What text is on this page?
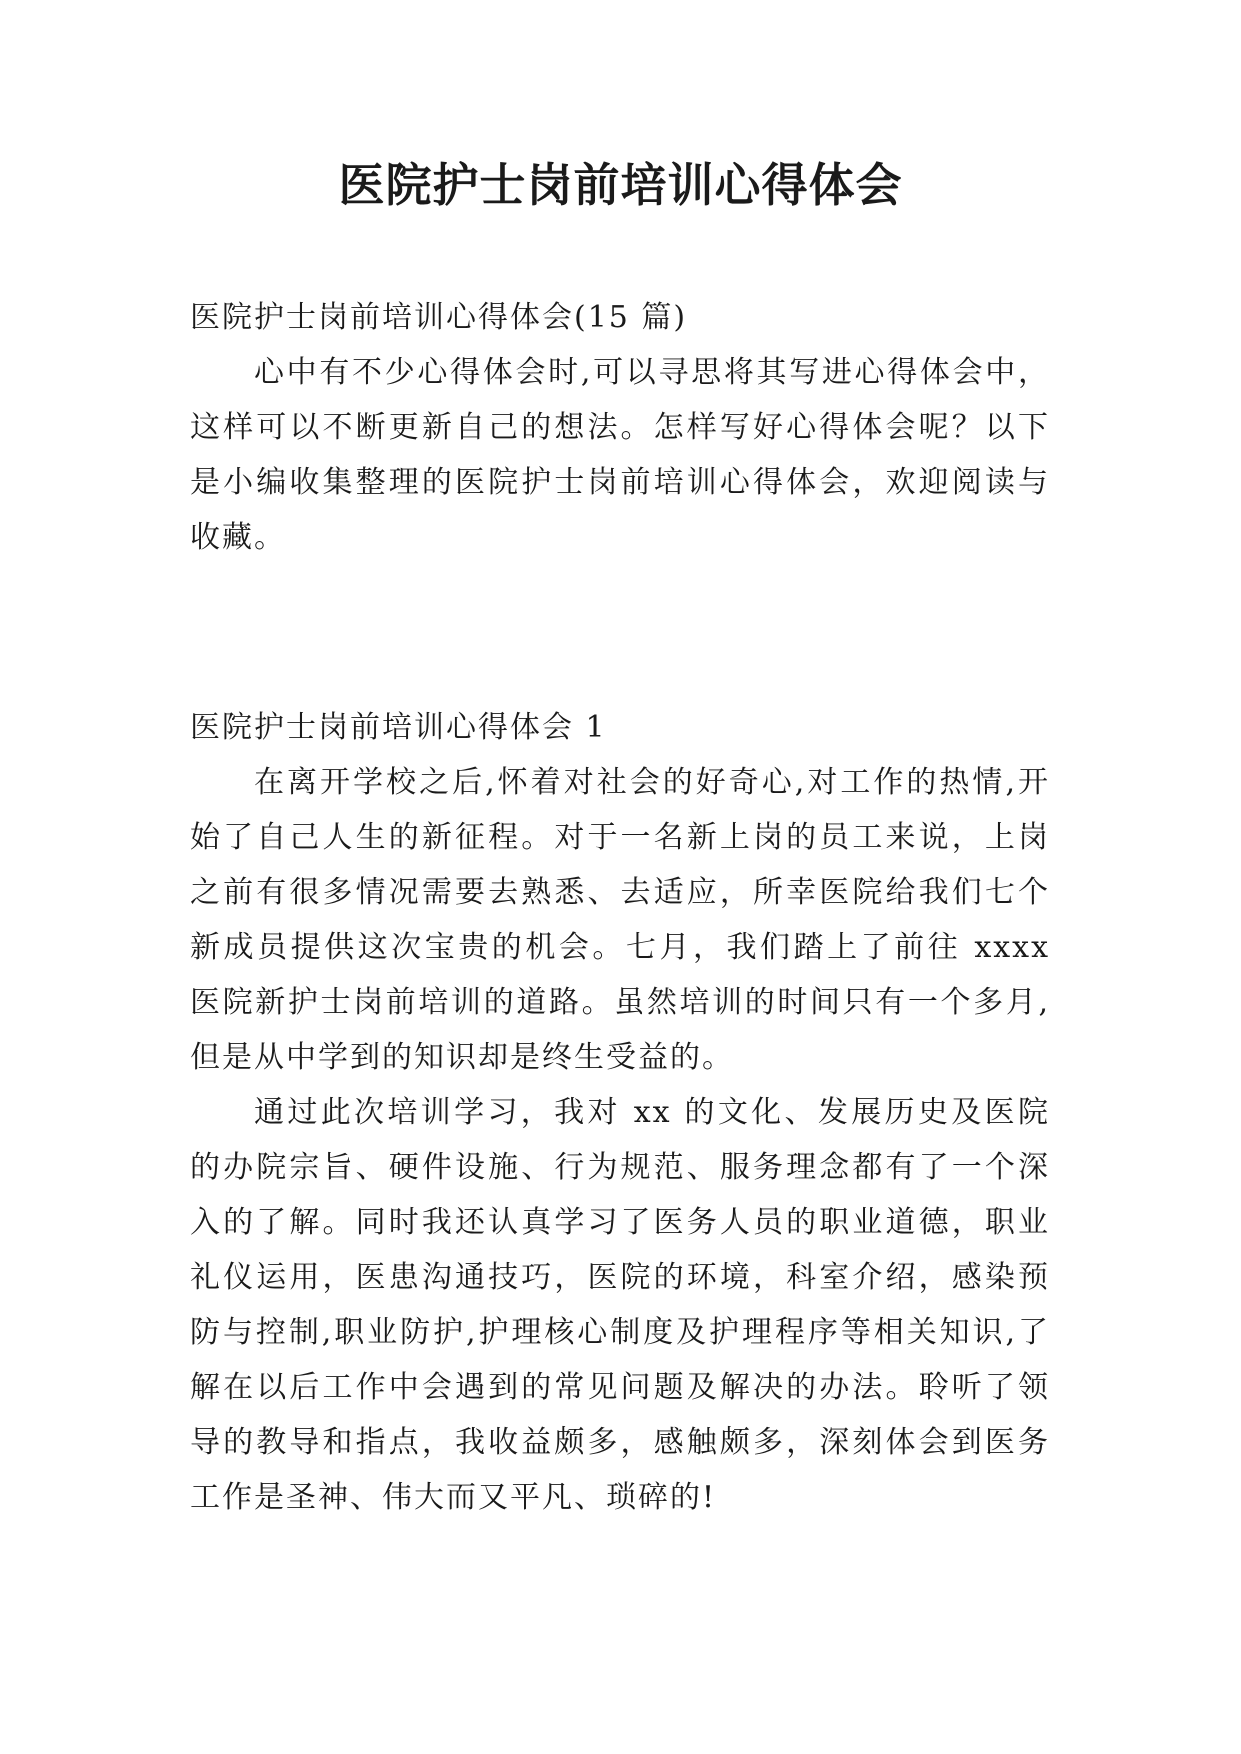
医院护士岗前培训心得体会

医院护士岗前培训心得体会(15 篇)

心中有不少心得体会时,可以寻思将其写进心得体会中，这样可以不断更新自己的想法。怎样写好心得体会呢？以下是小编收集整理的医院护士岗前培训心得体会，欢迎阅读与收藏。

医院护士岗前培训心得体会 1

在离开学校之后,怀着对社会的好奇心,对工作的热情,开始了自己人生的新征程。对于一名新上岗的员工来说，上岗之前有很多情况需要去熟悉、去适应，所幸医院给我们七个新成员提供这次宝贵的机会。七月，我们踏上了前往 xxxx 医院新护士岗前培训的道路。虽然培训的时间只有一个多月,但是从中学到的知识却是终生受益的。

通过此次培训学习，我对 xx 的文化、发展历史及医院的办院宗旨、硬件设施、行为规范、服务理念都有了一个深入的了解。同时我还认真学习了医务人员的职业道德，职业礼仪运用，医患沟通技巧，医院的环境，科室介绍，感染预防与控制,职业防护,护理核心制度及护理程序等相关知识,了解在以后工作中会遇到的常见问题及解决的办法。聆听了领导的教导和指点，我收益颇多，感触颇多，深刻体会到医务工作是圣神、伟大而又平凡、琐碎的!
